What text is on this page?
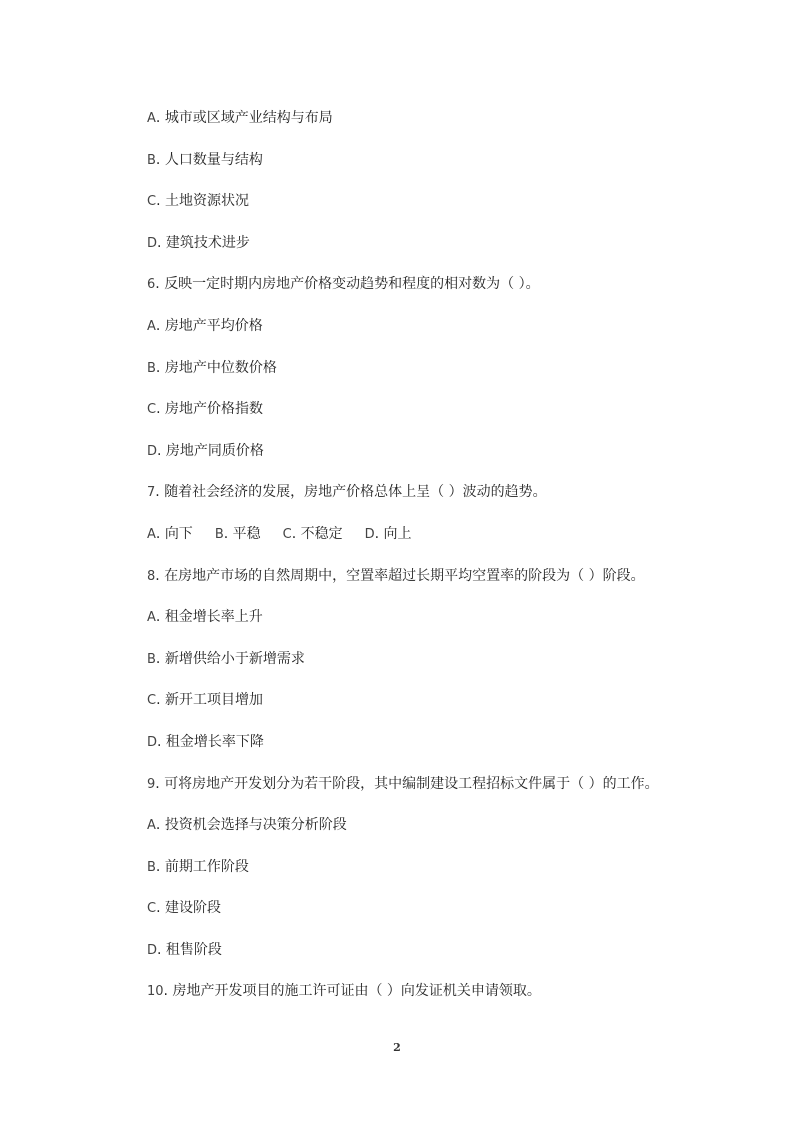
A. 城市或区域产业结构与布局
B. 人口数量与结构
C. 土地资源状况
D. 建筑技术进步
6. 反映一定时期内房地产价格变动趋势和程度的相对数为（ ）。
A. 房地产平均价格
B. 房地产中位数价格
C. 房地产价格指数
D. 房地产同质价格
7. 随着社会经济的发展，房地产价格总体上呈（ ）波动的趋势。
A. 向下 B. 平稳 C. 不稳定 D. 向上
8. 在房地产市场的自然周期中，空置率超过长期平均空置率的阶段为（ ）阶段。
A. 租金增长率上升
B. 新增供给小于新增需求
C. 新开工项目增加
D. 租金增长率下降
9. 可将房地产开发划分为若干阶段，其中编制建设工程招标文件属于（ ）的工作。
A. 投资机会选择与决策分析阶段
B. 前期工作阶段
C. 建设阶段
D. 租售阶段
10. 房地产开发项目的施工许可证由（ ）向发证机关申请领取。
2
